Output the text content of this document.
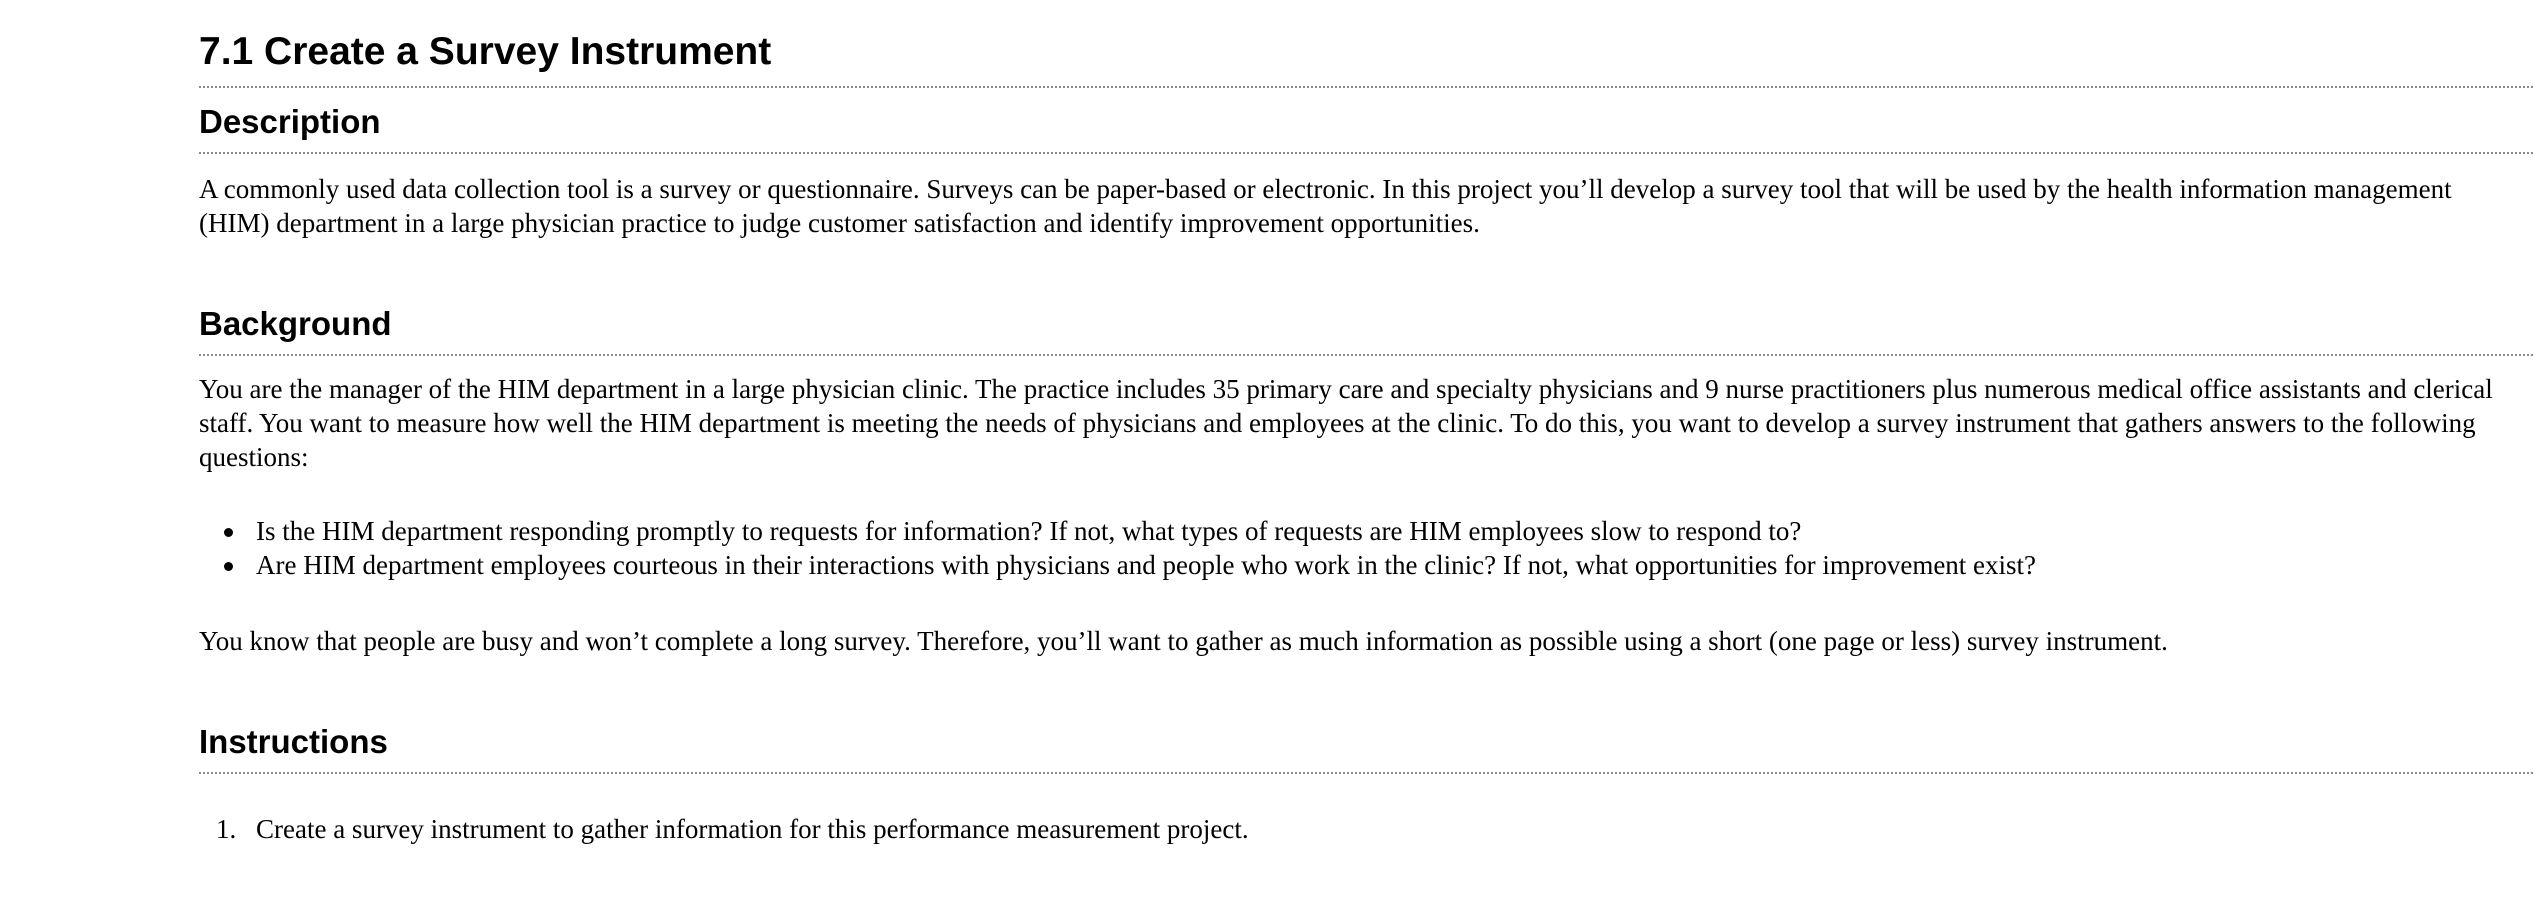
7.1 Create a Survey Instrument
Description

A commonly used data collection tool is a survey or questionnaire. Surveys can be paper-based or electronic. In this project you’ll develop a survey tool that will be used by the health information management (HIM) department in a large physician practice to judge customer satisfaction and identify improvement opportunities.

Background

You are the manager of the HIM department in a large physician clinic. The practice includes 35 primary care and specialty physicians and 9 nurse practitioners plus numerous medical office assistants and clerical staff. You want to measure how well the HIM department is meeting the needs of physicians and employees at the clinic. To do this, you want to develop a survey instrument that gathers answers to the following questions:

Is the HIM department responding promptly to requests for information? If not, what types of requests are HIM employees slow to respond to?
Are HIM department employees courteous in their interactions with physicians and people who work in the clinic? If not, what opportunities for improvement exist?

You know that people are busy and won’t complete a long survey. Therefore, you’ll want to gather as much information as possible using a short (one page or less) survey instrument.

Instructions
1. Create a survey instrument to gather information for this performance measurement project.
